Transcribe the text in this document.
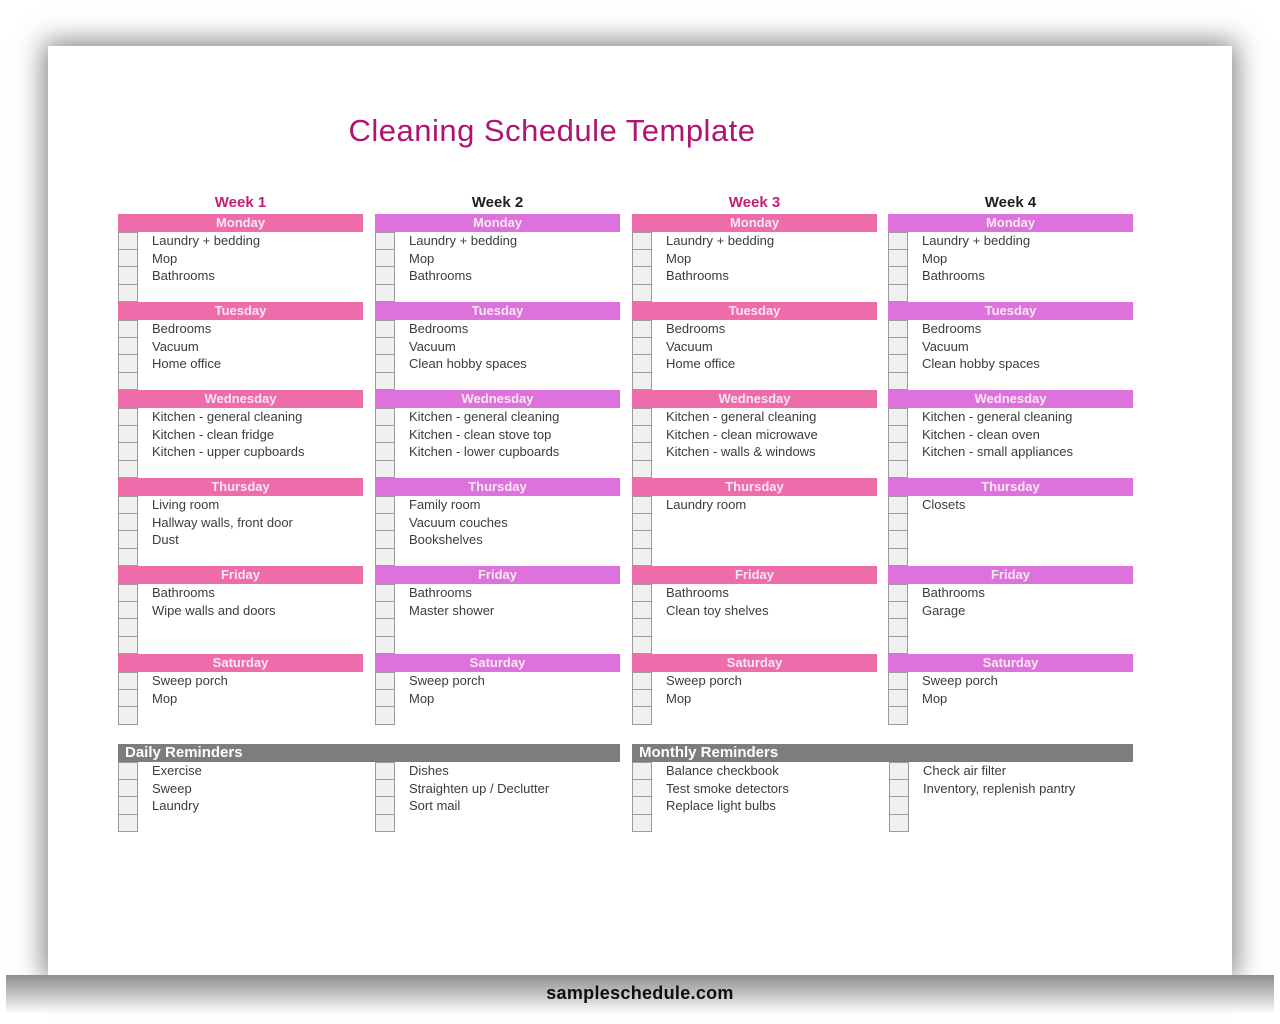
Cleaning Schedule Template
Week 1
Monday
Laundry + bedding
Mop
Bathrooms
Tuesday
Bedrooms
Vacuum
Home office
Wednesday
Kitchen - general cleaning
Kitchen - clean fridge
Kitchen - upper cupboards
Thursday
Living room
Hallway walls, front door
Dust
Friday
Bathrooms
Wipe walls and doors
Saturday
Sweep porch
Mop
Week 2
Monday
Laundry + bedding
Mop
Bathrooms
Tuesday
Bedrooms
Vacuum
Clean hobby spaces
Wednesday
Kitchen - general cleaning
Kitchen - clean stove top
Kitchen - lower cupboards
Thursday
Family room
Vacuum couches
Bookshelves
Friday
Bathrooms
Master shower
Saturday
Sweep porch
Mop
Week 3
Monday
Laundry + bedding
Mop
Bathrooms
Tuesday
Bedrooms
Vacuum
Home office
Wednesday
Kitchen - general cleaning
Kitchen - clean microwave
Kitchen - walls & windows
Thursday
Laundry room
Friday
Bathrooms
Clean toy shelves
Saturday
Sweep porch
Mop
Week 4
Monday
Laundry + bedding
Mop
Bathrooms
Tuesday
Bedrooms
Vacuum
Clean hobby spaces
Wednesday
Kitchen - general cleaning
Kitchen - clean oven
Kitchen - small appliances
Thursday
Closets
Friday
Bathrooms
Garage
Saturday
Sweep porch
Mop
Daily Reminders
Exercise
Sweep
Laundry
Dishes
Straighten up / Declutter
Sort mail
Monthly Reminders
Balance checkbook
Test smoke detectors
Replace light bulbs
Check air filter
Inventory, replenish pantry
sampleschedule.com
